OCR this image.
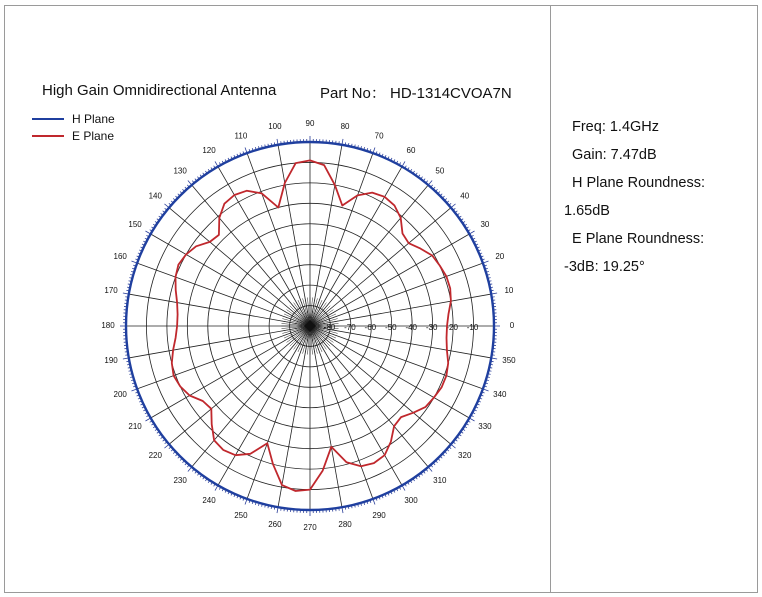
High Gain Omnidirectional Antenna	Part No： HD-1314CVOA7N
H Plane
E Plane
Freq: 1.4GHz
Gain: 7.47dB
H Plane Roundness:
1.65dB
E Plane Roundness:
-3dB: 19.25°
0
10
20
30
40
50
60
70
80
90
100
110
120
130
140
150
160
170
180
190
200
210
220
230
240
250
260	270	280
290
300
310
320
330
340
350
-80 -70 -60 -50 -40 -30 -20 -10
